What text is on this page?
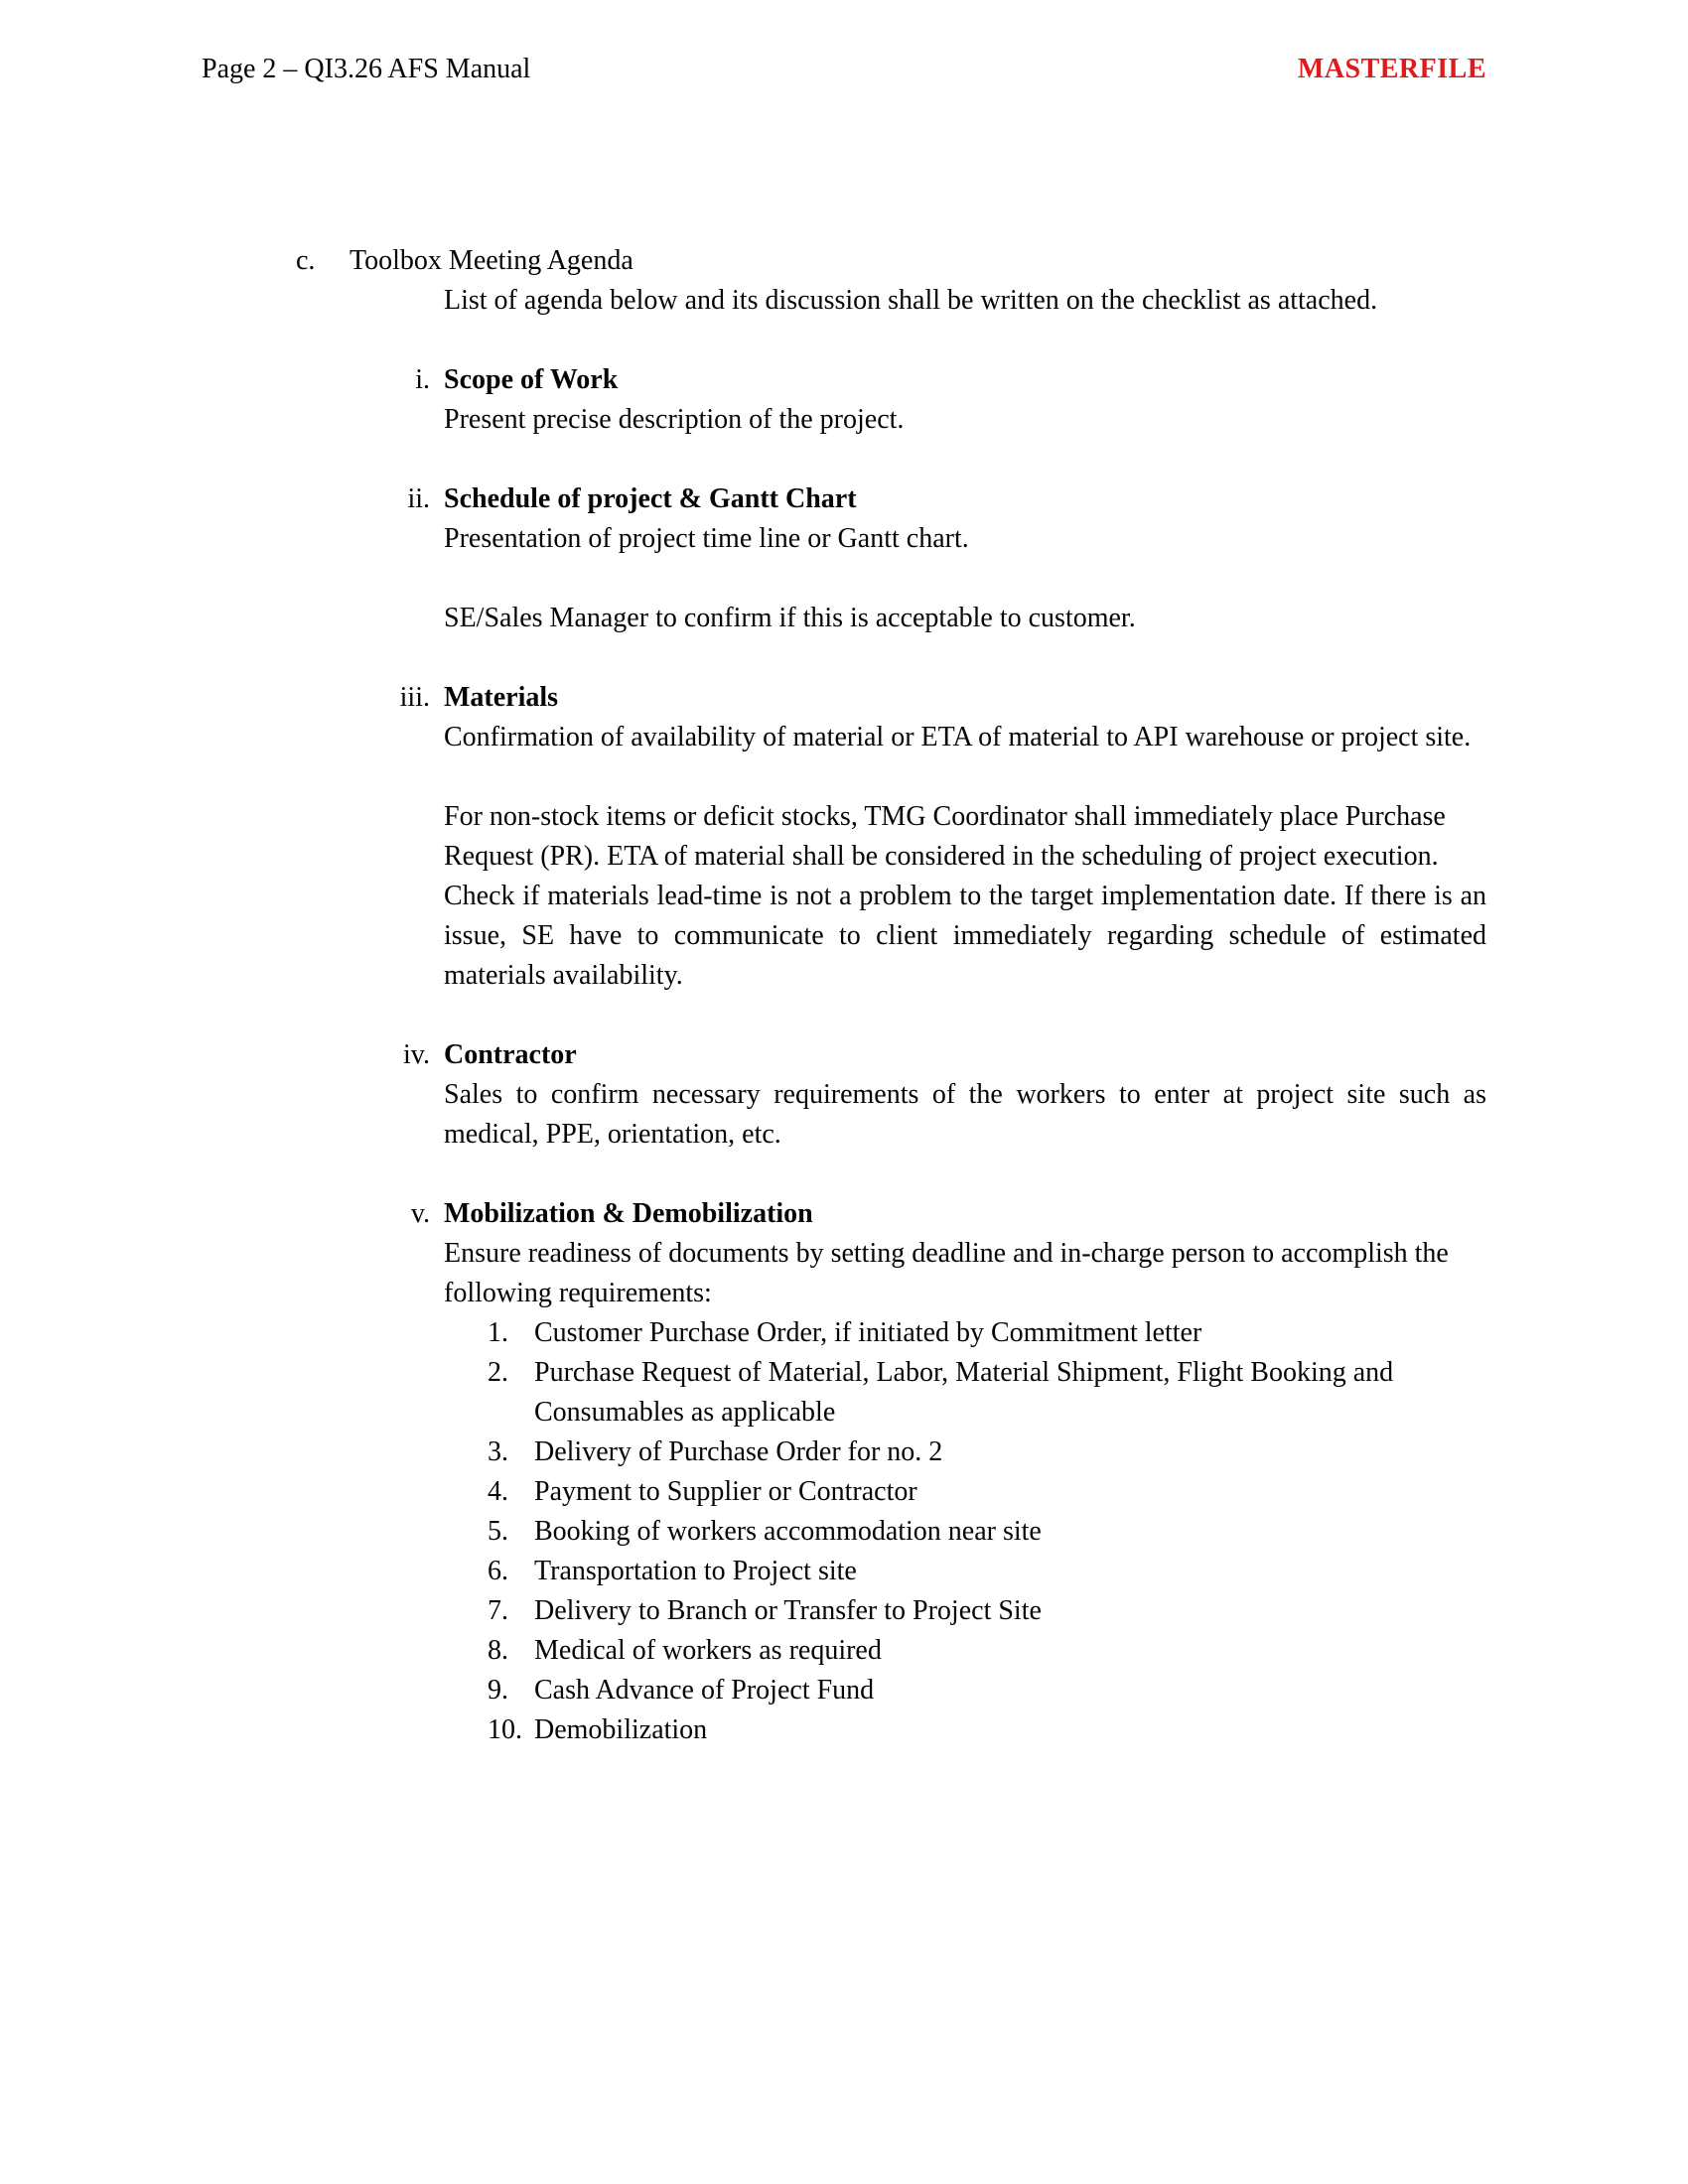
Page 2 – QI3.26 AFS Manual	MASTERFILE
c.	Toolbox Meeting Agenda
List of agenda below and its discussion shall be written on the checklist as attached.
i. Scope of Work
Present precise description of the project.
ii. Schedule of project & Gantt Chart
Presentation of project time line or Gantt chart.
SE/Sales Manager to confirm if this is acceptable to customer.
iii. Materials
Confirmation of availability of material or ETA of material to API warehouse or project site.
For non-stock items or deficit stocks, TMG Coordinator shall immediately place Purchase Request (PR). ETA of material shall be considered in the scheduling of project execution.
Check if materials lead-time is not a problem to the target implementation date. If there is an issue, SE have to communicate to client immediately regarding schedule of estimated materials availability.
iv. Contractor
Sales to confirm necessary requirements of the workers to enter at project site such as medical, PPE, orientation, etc.
v. Mobilization & Demobilization
Ensure readiness of documents by setting deadline and in-charge person to accomplish the following requirements:
1. Customer Purchase Order, if initiated by Commitment letter
2. Purchase Request of Material, Labor, Material Shipment, Flight Booking and Consumables as applicable
3. Delivery of Purchase Order for no. 2
4. Payment to Supplier or Contractor
5. Booking of workers accommodation near site
6. Transportation to Project site
7. Delivery to Branch or Transfer to Project Site
8. Medical of workers as required
9. Cash Advance of Project Fund
10. Demobilization
